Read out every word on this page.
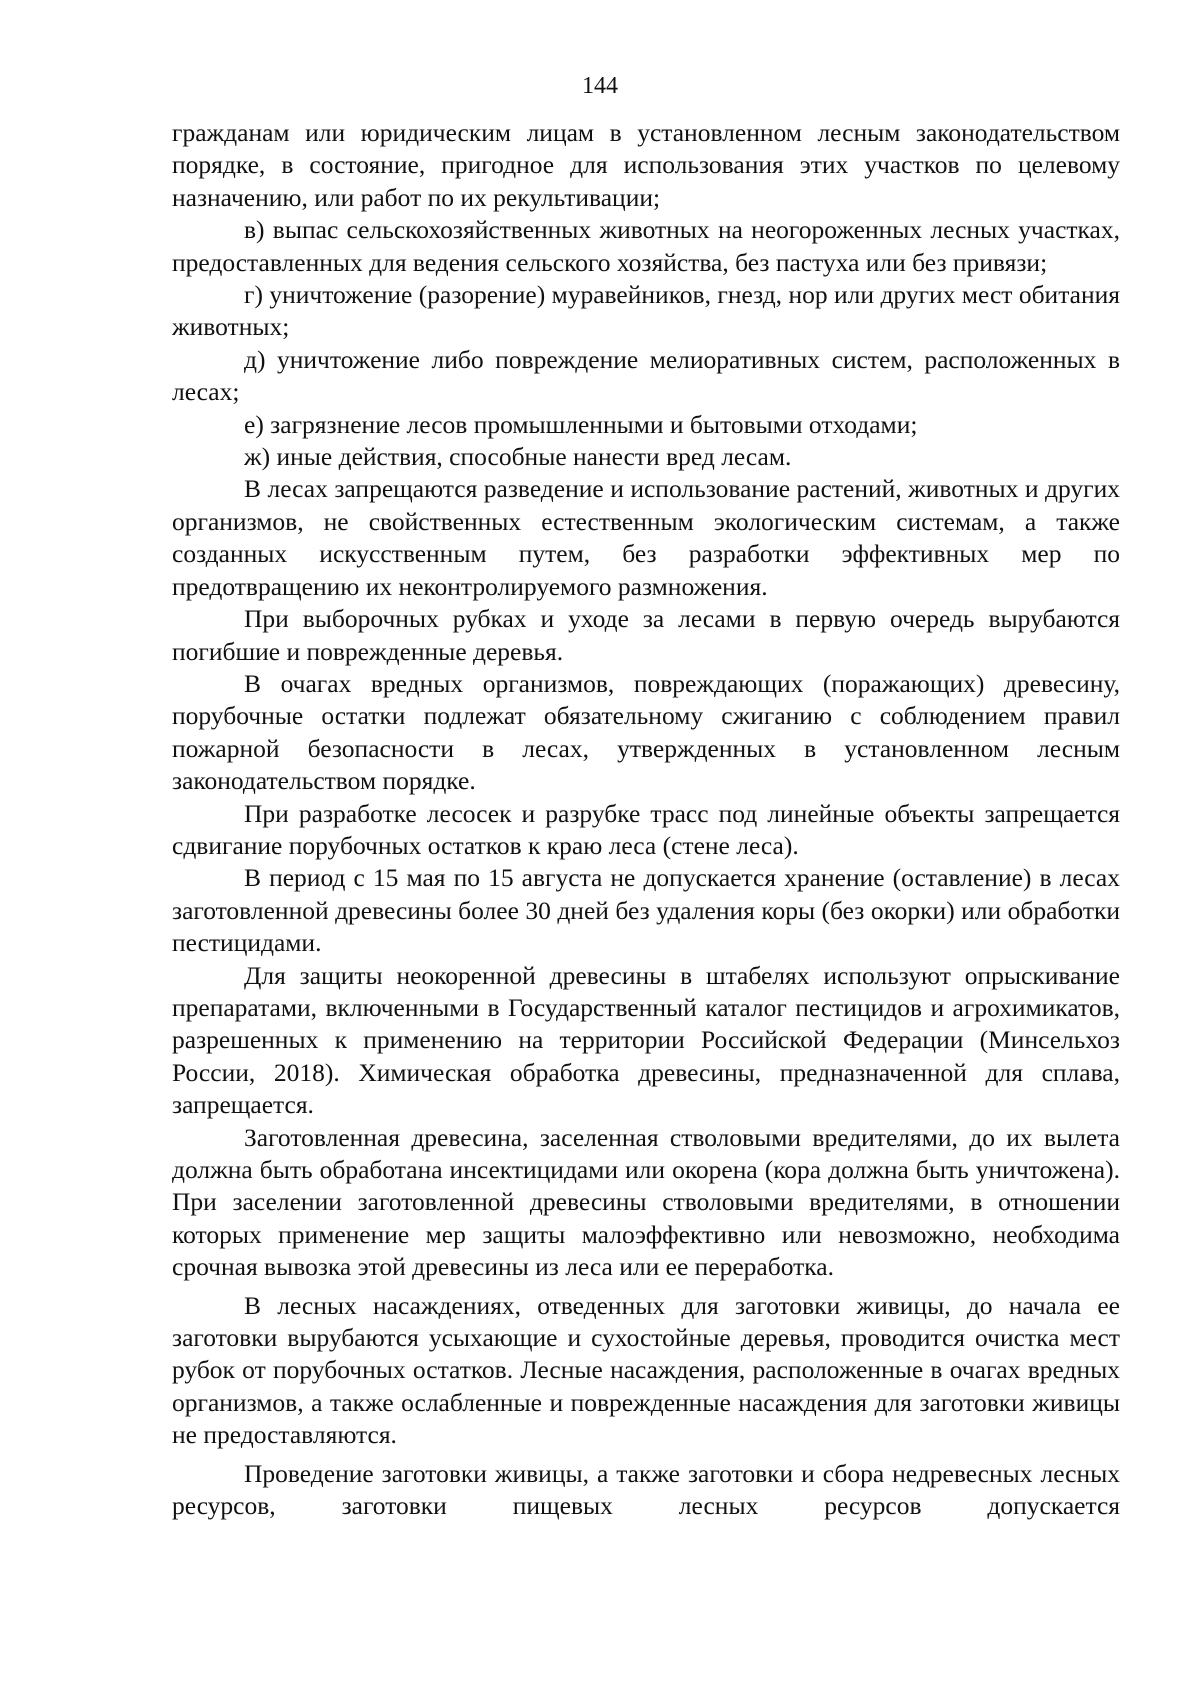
144

гражданам или юридическим лицам в установленном лесным законодательством порядке, в состояние, пригодное для использования этих участков по целевому назначению, или работ по их рекультивации;

в) выпас сельскохозяйственных животных на неогороженных лесных участках, предоставленных для ведения сельского хозяйства, без пастуха или без привязи;

г) уничтожение (разорение) муравейников, гнезд, нор или других мест обитания животных;

д) уничтожение либо повреждение мелиоративных систем, расположенных в лесах;

е) загрязнение лесов промышленными и бытовыми отходами;

ж) иные действия, способные нанести вред лесам.

В лесах запрещаются разведение и использование растений, животных и других организмов, не свойственных естественным экологическим системам, а также созданных искусственным путем, без разработки эффективных мер по предотвращению их неконтролируемого размножения.

При выборочных рубках и уходе за лесами в первую очередь вырубаются погибшие и поврежденные деревья.

В очагах вредных организмов, повреждающих (поражающих) древесину, порубочные остатки подлежат обязательному сжиганию с соблюдением правил пожарной безопасности в лесах, утвержденных в установленном лесным законодательством порядке.

При разработке лесосек и разрубке трасс под линейные объекты запрещается сдвигание порубочных остатков к краю леса (стене леса).

В период с 15 мая по 15 августа не допускается хранение (оставление) в лесах заготовленной древесины более 30 дней без удаления коры (без окорки) или обработки пестицидами.

Для защиты неокоренной древесины в штабелях используют опрыскивание препаратами, включенными в Государственный каталог пестицидов и агрохимикатов, разрешенных к применению на территории Российской Федерации (Минсельхоз России, 2018). Химическая обработка древесины, предназначенной для сплава, запрещается.

Заготовленная древесина, заселенная стволовыми вредителями, до их вылета должна быть обработана инсектицидами или окорена (кора должна быть уничтожена). При заселении заготовленной древесины стволовыми вредителями, в отношении которых применение мер защиты малоэффективно или невозможно, необходима срочная вывозка этой древесины из леса или ее переработка.

В лесных насаждениях, отведенных для заготовки живицы, до начала ее заготовки вырубаются усыхающие и сухостойные деревья, проводится очистка мест рубок от порубочных остатков. Лесные насаждения, расположенные в очагах вредных организмов, а также ослабленные и поврежденные насаждения для заготовки живицы не предоставляются.

Проведение заготовки живицы, а также заготовки и сбора недревесных лесных ресурсов, заготовки пищевых лесных ресурсов допускается
